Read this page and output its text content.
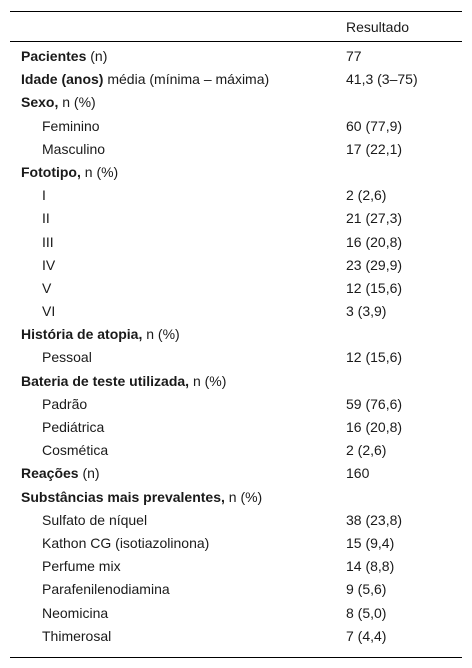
Resultado
Pacientes (n)	77
Idade (anos) média (mínima – máxima)	41,3 (3–75)
Sexo, n (%)
Feminino	60 (77,9)
Masculino	17 (22,1)
Fototipo, n (%)
I	2 (2,6)
II	21 (27,3)
III	16 (20,8)
IV	23 (29,9)
V	12 (15,6)
VI	3 (3,9)
História de atopia, n (%)
Pessoal	12 (15,6)
Bateria de teste utilizada, n (%)
Padrão	59 (76,6)
Pediátrica	16 (20,8)
Cosmética	2 (2,6)
Reações (n)	160
Substâncias mais prevalentes, n (%)
Sulfato de níquel	38 (23,8)
Kathon CG (isotiazolinona)	15 (9,4)
Perfume mix	14 (8,8)
Parafenilenodiamina	9 (5,6)
Neomicina	8 (5,0)
Thimerosal	7 (4,4)
